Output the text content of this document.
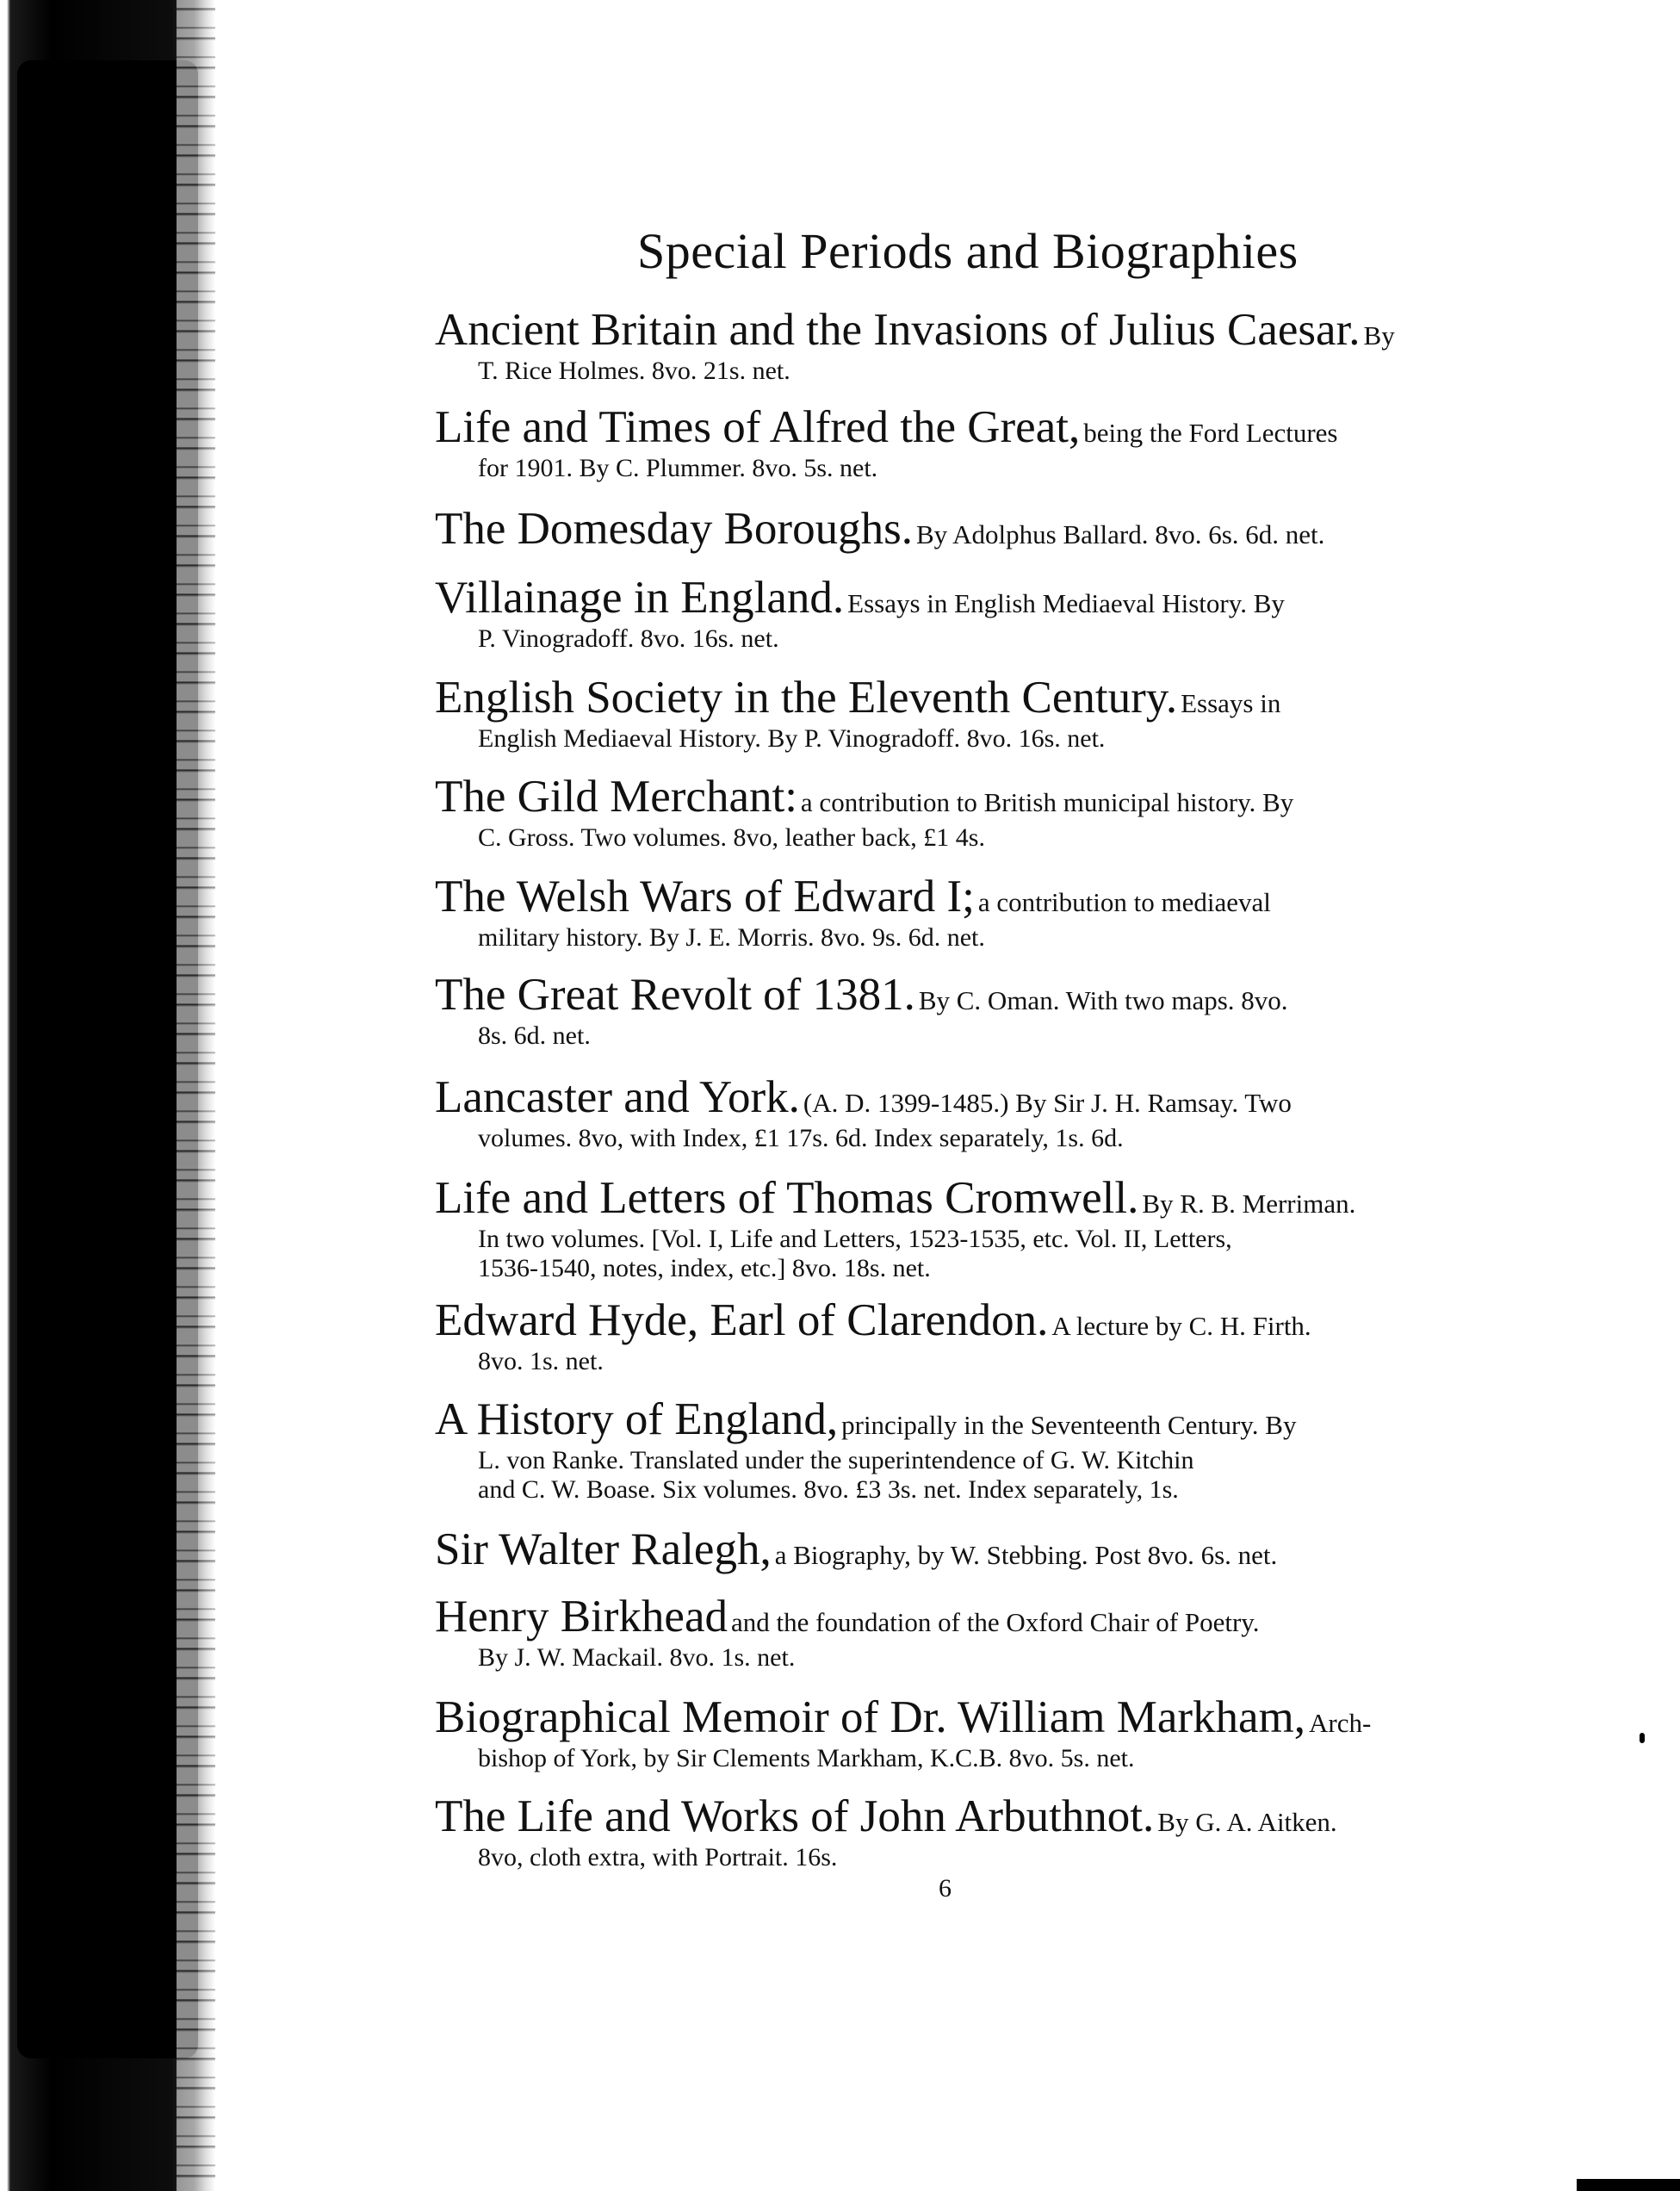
Special Periods and Biographies
Ancient Britain and the Invasions of Julius Caesar. By
T. Rice Holmes. 8vo. 21s. net.
Life and Times of Alfred the Great, being the Ford Lectures
for 1901. By C. Plummer. 8vo. 5s. net.
The Domesday Boroughs. By Adolphus Ballard. 8vo. 6s. 6d. net.
Villainage in England. Essays in English Mediaeval History. By
P. Vinogradoff. 8vo. 16s. net.
English Society in the Eleventh Century. Essays in
English Mediaeval History. By P. Vinogradoff. 8vo. 16s. net.
The Gild Merchant: a contribution to British municipal history. By
C. Gross. Two volumes. 8vo, leather back, £1 4s.
The Welsh Wars of Edward I; a contribution to mediaeval
military history. By J. E. Morris. 8vo. 9s. 6d. net.
The Great Revolt of 1381. By C. Oman. With two maps. 8vo.
8s. 6d. net.
Lancaster and York. (A. D. 1399-1485.) By Sir J. H. Ramsay. Two
volumes. 8vo, with Index, £1 17s. 6d. Index separately, 1s. 6d.
Life and Letters of Thomas Cromwell. By R. B. Merriman.
In two volumes. [Vol. I, Life and Letters, 1523-1535, etc. Vol. II, Letters,
1536-1540, notes, index, etc.] 8vo. 18s. net.
Edward Hyde, Earl of Clarendon. A lecture by C. H. Firth.
8vo. 1s. net.
A History of England, principally in the Seventeenth Century. By
L. von Ranke. Translated under the superintendence of G. W. Kitchin
and C. W. Boase. Six volumes. 8vo. £3 3s. net. Index separately, 1s.
Sir Walter Ralegh, a Biography, by W. Stebbing. Post 8vo. 6s. net.
Henry Birkhead and the foundation of the Oxford Chair of Poetry.
By J. W. Mackail. 8vo. 1s. net.
Biographical Memoir of Dr. William Markham, Arch-
bishop of York, by Sir Clements Markham, K.C.B. 8vo. 5s. net.
The Life and Works of John Arbuthnot. By G. A. Aitken.
8vo, cloth extra, with Portrait. 16s.
6
